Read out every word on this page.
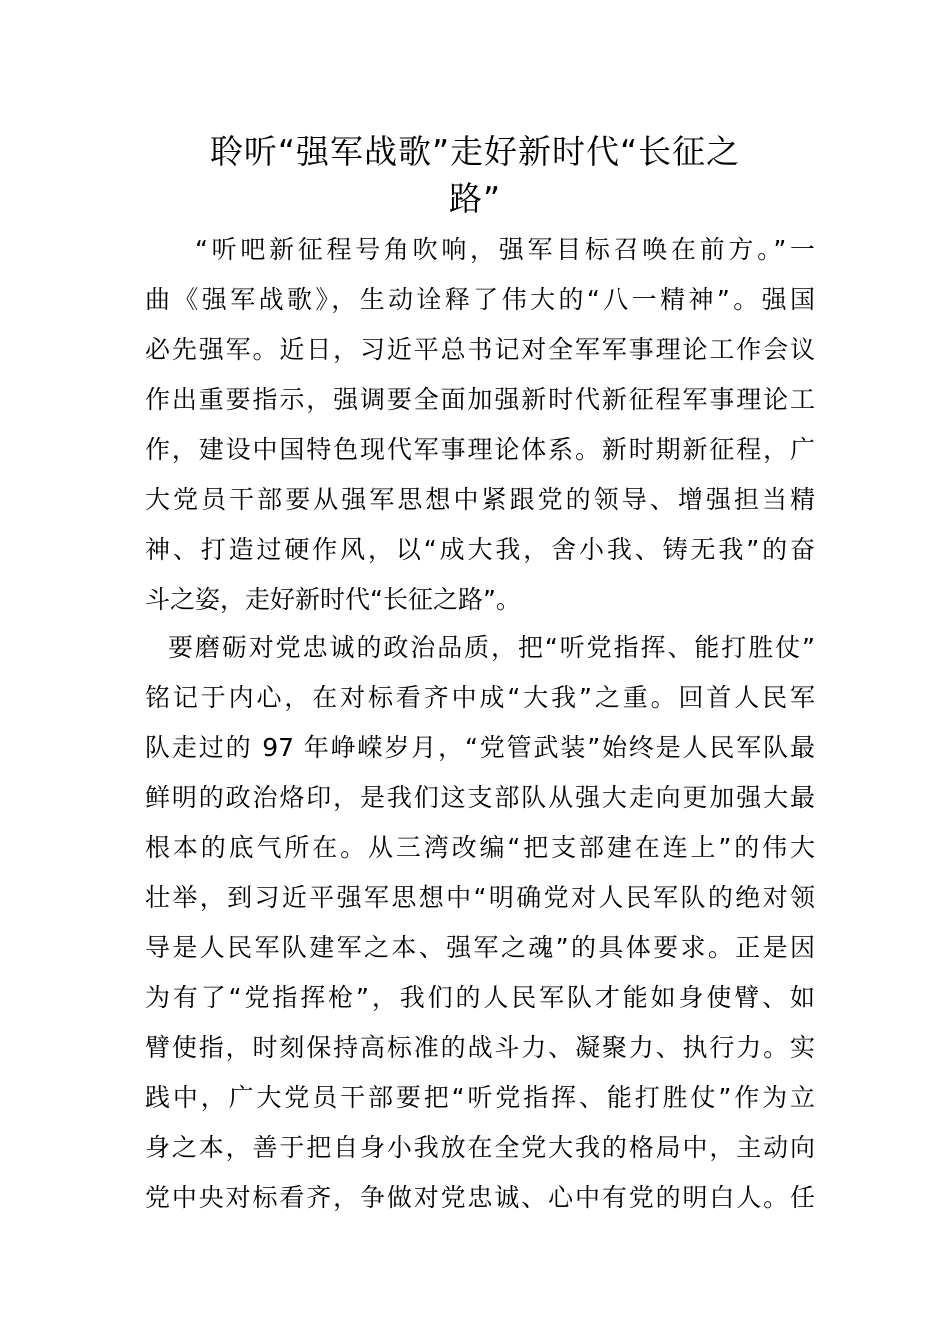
聆听“强军战歌”走好新时代“长征之
路”

“听吧新征程号角吹响，强军目标召唤在前方。”一

曲《强军战歌》，生动诠释了伟大的“八一精神”。强国

必先强军。近日，习近平总书记对全军军事理论工作会议

作出重要指示，强调要全面加强新时代新征程军事理论工

作，建设中国特色现代军事理论体系。新时期新征程，广

大党员干部要从强军思想中紧跟党的领导、增强担当精

神、打造过硬作风，以“成大我，舍小我、铸无我”的奋

斗之姿，走好新时代“长征之路”。

要磨砺对党忠诚的政治品质，把“听党指挥、能打胜仗”

铭记于内心，在对标看齐中成“大我”之重。回首人民军

队走过的 97 年峥嵘岁月，“党管武装”始终是人民军队最

鲜明的政治烙印，是我们这支部队从强大走向更加强大最

根本的底气所在。从三湾改编“把支部建在连上”的伟大

壮举，到习近平强军思想中“明确党对人民军队的绝对领

导是人民军队建军之本、强军之魂”的具体要求。正是因

为有了“党指挥枪”，我们的人民军队才能如身使臂、如

臂使指，时刻保持高标准的战斗力、凝聚力、执行力。实

践中，广大党员干部要把“听党指挥、能打胜仗”作为立

身之本，善于把自身小我放在全党大我的格局中，主动向

党中央对标看齐，争做对党忠诚、心中有党的明白人。任
